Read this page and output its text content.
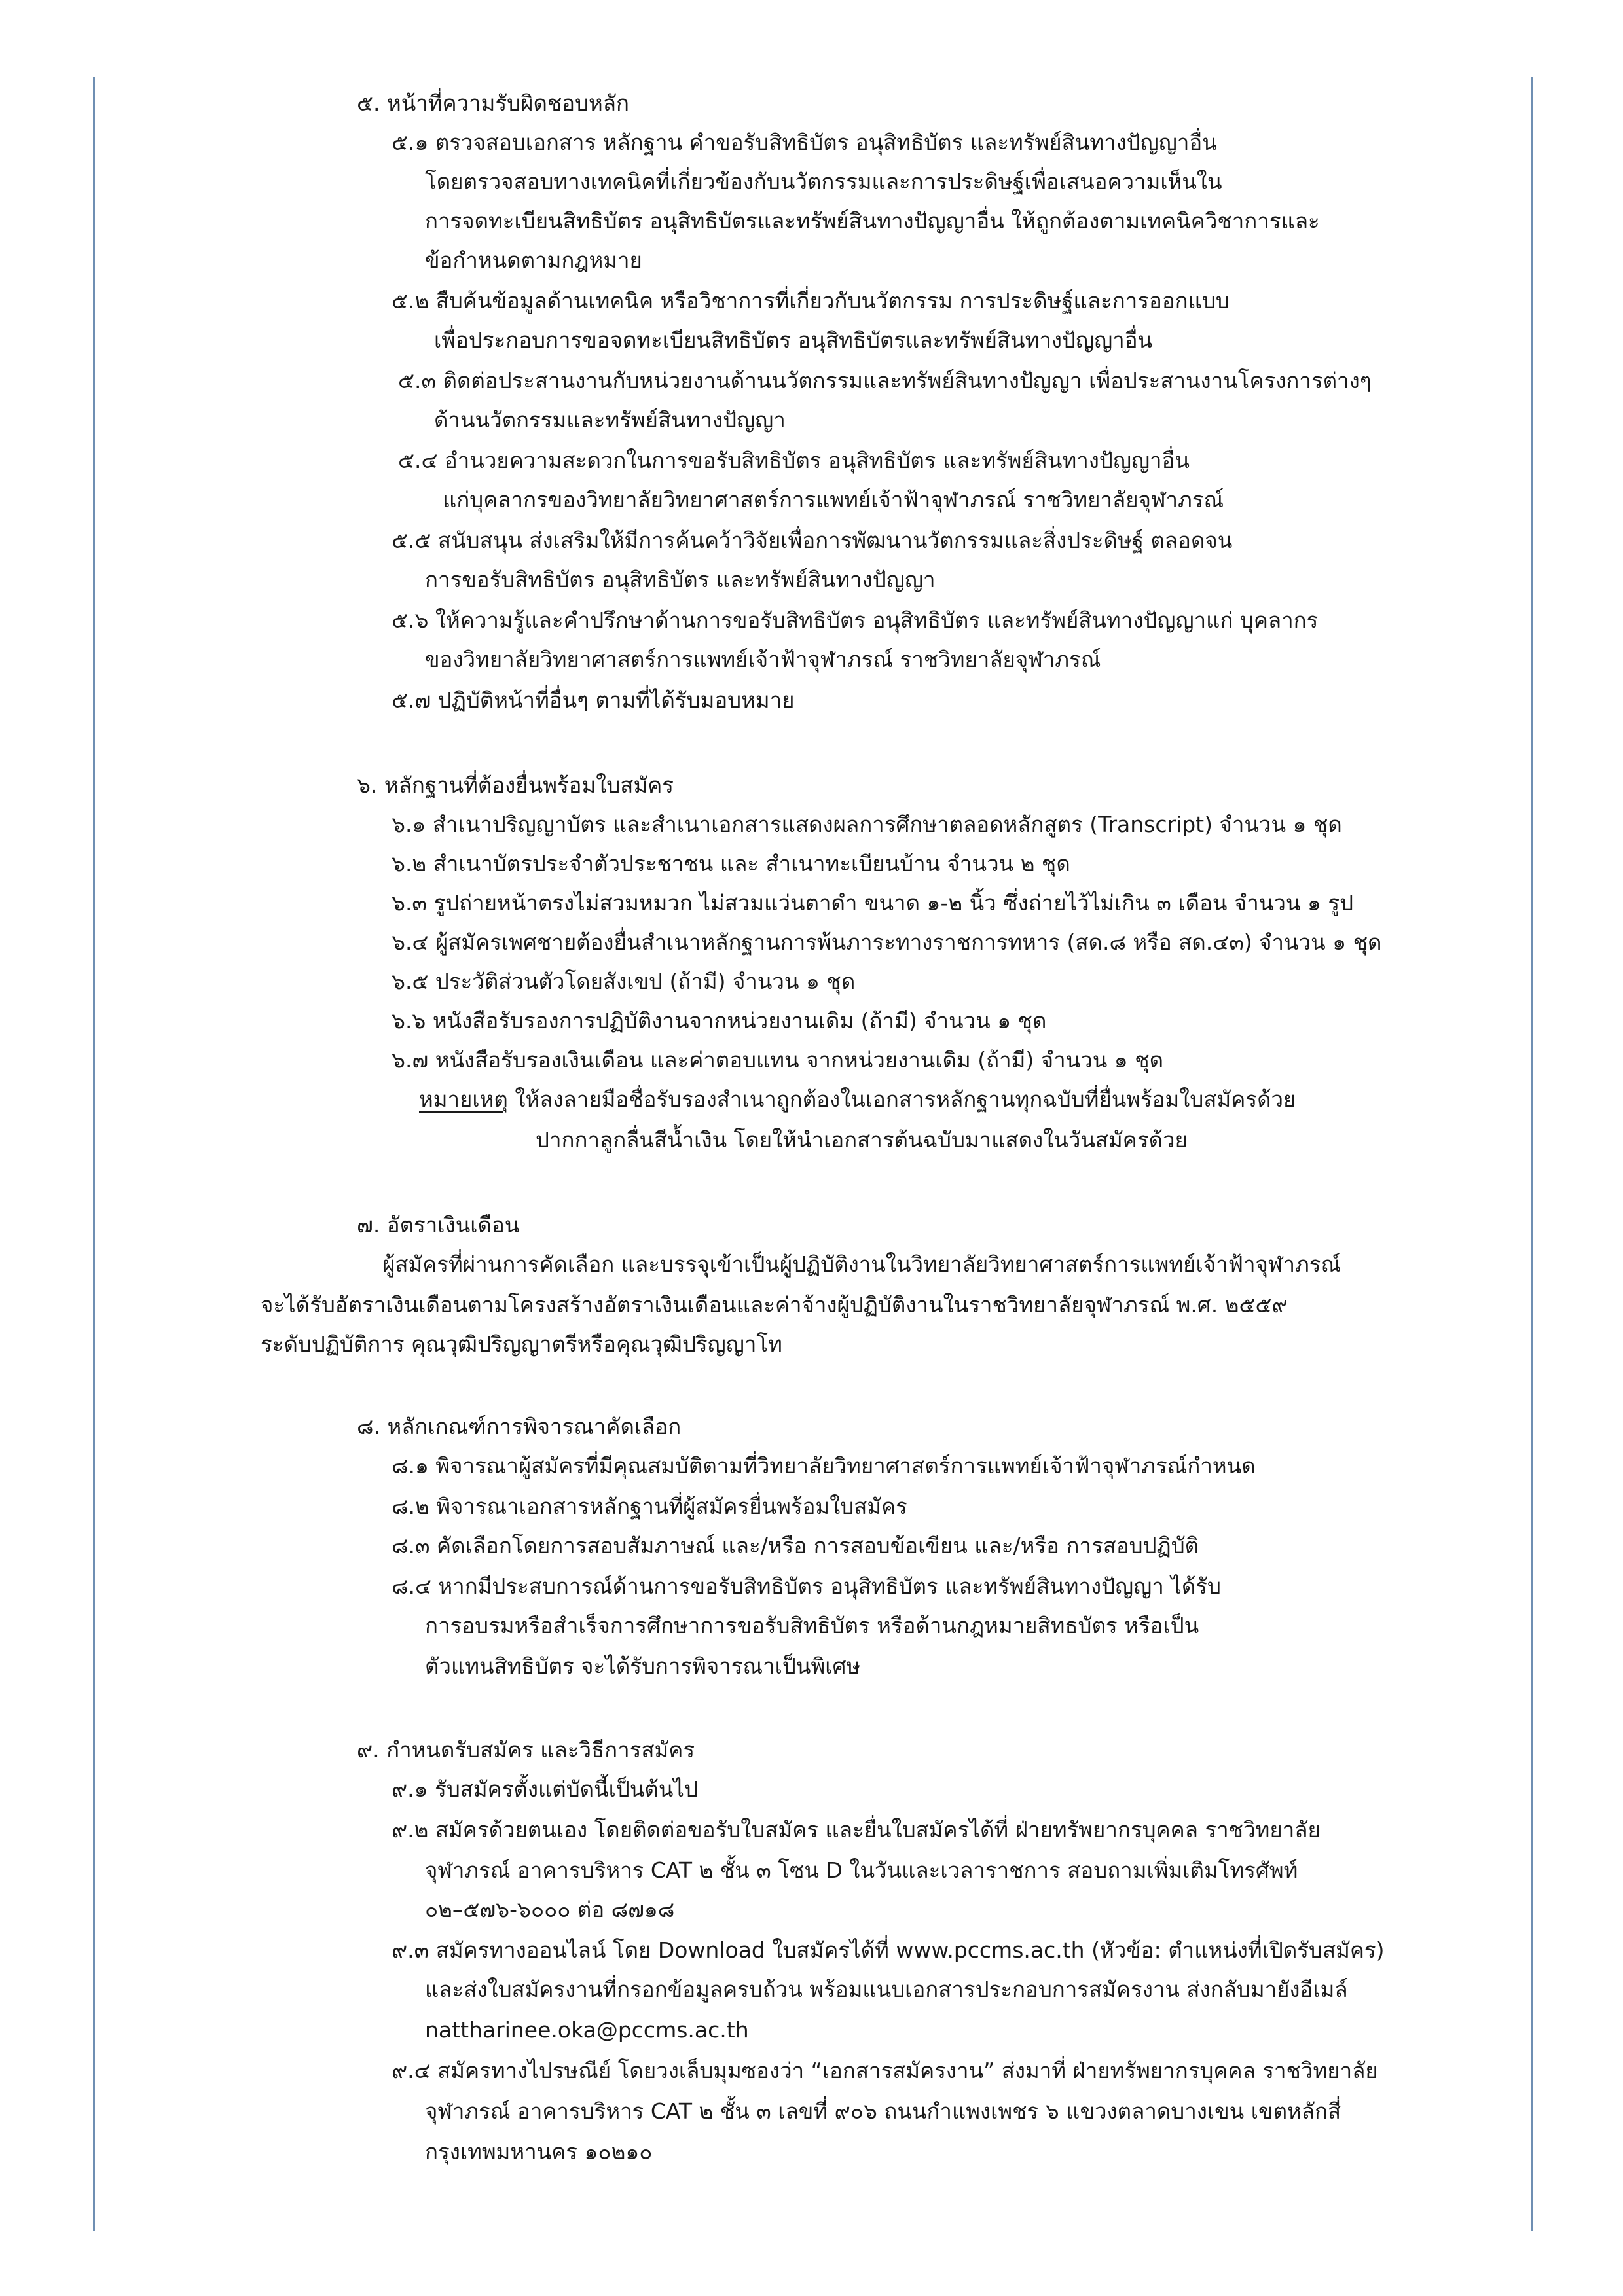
๕. หน้าที่ความรับผิดชอบหลัก
๕.๑ ตรวจสอบเอกสาร หลักฐาน คำขอรับสิทธิบัตร อนุสิทธิบัตร และทรัพย์สินทางปัญญาอื่น
โดยตรวจสอบทางเทคนิคที่เกี่ยวข้องกับนวัตกรรมและการประดิษฐ์เพื่อเสนอความเห็นใน
การจดทะเบียนสิทธิบัตร อนุสิทธิบัตรและทรัพย์สินทางปัญญาอื่น ให้ถูกต้องตามเทคนิควิชาการและ
ข้อกำหนดตามกฎหมาย
๕.๒ สืบค้นข้อมูลด้านเทคนิค หรือวิชาการที่เกี่ยวกับนวัตกรรม การประดิษฐ์และการออกแบบ
เพื่อประกอบการขอจดทะเบียนสิทธิบัตร อนุสิทธิบัตรและทรัพย์สินทางปัญญาอื่น
๕.๓ ติดต่อประสานงานกับหน่วยงานด้านนวัตกรรมและทรัพย์สินทางปัญญา เพื่อประสานงานโครงการต่างๆ
ด้านนวัตกรรมและทรัพย์สินทางปัญญา
๕.๔ อำนวยความสะดวกในการขอรับสิทธิบัตร อนุสิทธิบัตร และทรัพย์สินทางปัญญาอื่น
แก่บุคลากรของวิทยาลัยวิทยาศาสตร์การแพทย์เจ้าฟ้าจุฬาภรณ์ ราชวิทยาลัยจุฬาภรณ์
๕.๕ สนับสนุน ส่งเสริมให้มีการค้นคว้าวิจัยเพื่อการพัฒนานวัตกรรมและสิ่งประดิษฐ์ ตลอดจน
การขอรับสิทธิบัตร อนุสิทธิบัตร และทรัพย์สินทางปัญญา
๕.๖ ให้ความรู้และคำปรึกษาด้านการขอรับสิทธิบัตร อนุสิทธิบัตร และทรัพย์สินทางปัญญาแก่ บุคลากร
ของวิทยาลัยวิทยาศาสตร์การแพทย์เจ้าฟ้าจุฬาภรณ์ ราชวิทยาลัยจุฬาภรณ์
๕.๗ ปฏิบัติหน้าที่อื่นๆ ตามที่ได้รับมอบหมาย
๖. หลักฐานที่ต้องยื่นพร้อมใบสมัคร
๖.๑ สำเนาปริญญาบัตร และสำเนาเอกสารแสดงผลการศึกษาตลอดหลักสูตร (Transcript) จำนวน ๑ ชุด
๖.๒ สำเนาบัตรประจำตัวประชาชน และ สำเนาทะเบียนบ้าน จำนวน ๒ ชุด
๖.๓ รูปถ่ายหน้าตรงไม่สวมหมวก ไม่สวมแว่นตาดำ ขนาด ๑-๒ นิ้ว ซึ่งถ่ายไว้ไม่เกิน ๓ เดือน จำนวน ๑ รูป
๖.๔ ผู้สมัครเพศชายต้องยื่นสำเนาหลักฐานการพ้นภาระทางราชการทหาร (สด.๘ หรือ สด.๔๓) จำนวน ๑ ชุด
๖.๕ ประวัติส่วนตัวโดยสังเขป (ถ้ามี) จำนวน ๑ ชุด
๖.๖ หนังสือรับรองการปฏิบัติงานจากหน่วยงานเดิม (ถ้ามี) จำนวน ๑ ชุด
๖.๗ หนังสือรับรองเงินเดือน และค่าตอบแทน จากหน่วยงานเดิม (ถ้ามี) จำนวน ๑ ชุด
หมายเหตุ ให้ลงลายมือชื่อรับรองสำเนาถูกต้องในเอกสารหลักฐานทุกฉบับที่ยื่นพร้อมใบสมัครด้วย
ปากกาลูกลื่นสีน้ำเงิน โดยให้นำเอกสารต้นฉบับมาแสดงในวันสมัครด้วย
๗. อัตราเงินเดือน
ผู้สมัครที่ผ่านการคัดเลือก และบรรจุเข้าเป็นผู้ปฏิบัติงานในวิทยาลัยวิทยาศาสตร์การแพทย์เจ้าฟ้าจุฬาภรณ์
จะได้รับอัตราเงินเดือนตามโครงสร้างอัตราเงินเดือนและค่าจ้างผู้ปฏิบัติงานในราชวิทยาลัยจุฬาภรณ์ พ.ศ. ๒๕๕๙
ระดับปฏิบัติการ คุณวุฒิปริญญาตรีหรือคุณวุฒิปริญญาโท
๘. หลักเกณฑ์การพิจารณาคัดเลือก
๘.๑ พิจารณาผู้สมัครที่มีคุณสมบัติตามที่วิทยาลัยวิทยาศาสตร์การแพทย์เจ้าฟ้าจุฬาภรณ์กำหนด
๘.๒ พิจารณาเอกสารหลักฐานที่ผู้สมัครยื่นพร้อมใบสมัคร
๘.๓ คัดเลือกโดยการสอบสัมภาษณ์ และ/หรือ การสอบข้อเขียน และ/หรือ การสอบปฏิบัติ
๘.๔ หากมีประสบการณ์ด้านการขอรับสิทธิบัตร อนุสิทธิบัตร และทรัพย์สินทางปัญญา ได้รับ
การอบรมหรือสำเร็จการศึกษาการขอรับสิทธิบัตร หรือด้านกฎหมายสิทธบัตร หรือเป็น
ตัวแทนสิทธิบัตร จะได้รับการพิจารณาเป็นพิเศษ
๙. กำหนดรับสมัคร และวิธีการสมัคร
๙.๑ รับสมัครตั้งแต่บัดนี้เป็นต้นไป
๙.๒ สมัครด้วยตนเอง โดยติดต่อขอรับใบสมัคร และยื่นใบสมัครได้ที่ ฝ่ายทรัพยากรบุคคล ราชวิทยาลัย
จุฬาภรณ์ อาคารบริหาร CAT ๒ ชั้น ๓ โซน D ในวันและเวลาราชการ สอบถามเพิ่มเติมโทรศัพท์
๐๒–๕๗๖-๖๐๐๐ ต่อ ๘๗๑๘
๙.๓ สมัครทางออนไลน์ โดย Download ใบสมัครได้ที่ www.pccms.ac.th (หัวข้อ: ตำแหน่งที่เปิดรับสมัคร)
และส่งใบสมัครงานที่กรอกข้อมูลครบถ้วน พร้อมแนบเอกสารประกอบการสมัครงาน ส่งกลับมายังอีเมล์
nattharinee.oka@pccms.ac.th
๙.๔ สมัครทางไปรษณีย์ โดยวงเล็บมุมซองว่า “เอกสารสมัครงาน” ส่งมาที่ ฝ่ายทรัพยากรบุคคล ราชวิทยาลัย
จุฬาภรณ์ อาคารบริหาร CAT ๒ ชั้น ๓ เลขที่ ๙๐๖ ถนนกำแพงเพชร ๖ แขวงตลาดบางเขน เขตหลักสี่
กรุงเทพมหานคร ๑๐๒๑๐
